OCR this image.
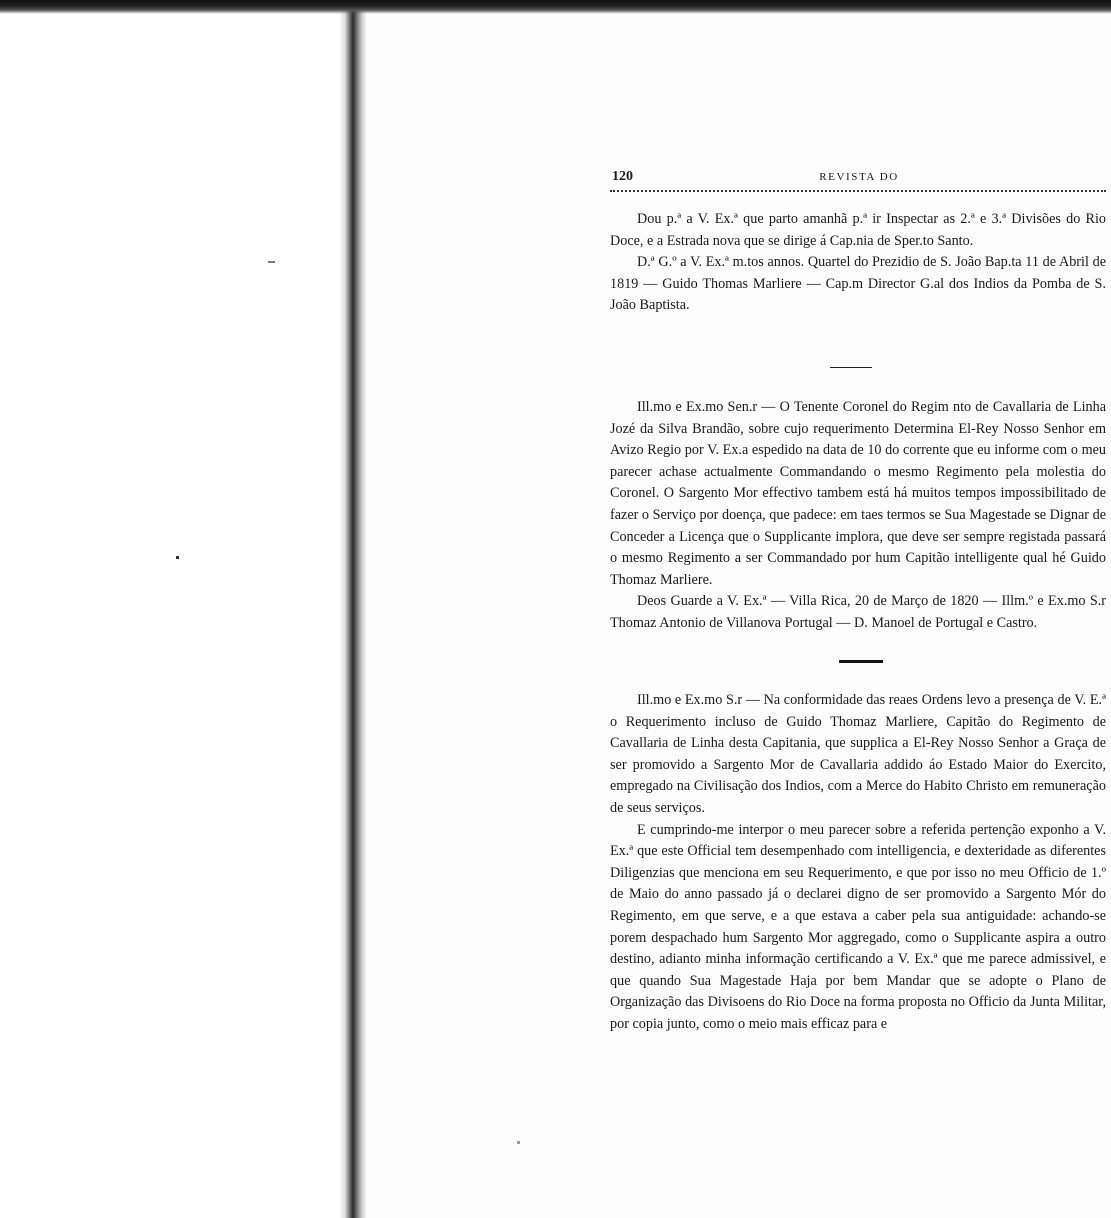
120	REVISTA DO

Dou p.ª a V. Ex.ª que parto amanhã p.ª ir Inspectar as 2.ª e 3.ª Divisões do Rio Doce, e a Estrada nova que se dirige á Cap.nia de Sper.to Santo.

D.ª G.º a V. Ex.ª m.tos annos. Quartel do Prezidio de S. João Bap.ta 11 de Abril de 1819 — Guido Thomas Marliere — Cap.m Director G.al dos Indios da Pomba de S. João Baptista.

Ill.mo e Ex.mo Sen.r — O Tenente Coronel do Regim nto de Cavallaria de Linha Jozé da Silva Brandão, sobre cujo requerimento Determina El-Rey Nosso Senhor em Avizo Regio por V. Ex.a espedido na data de 10 do corrente que eu informe com o meu parecer achase actualmente Commandando o mesmo Regimento pela molestia do Coronel. O Sargento Mor effectivo tambem está há muitos tempos impossibilitado de fazer o Serviço por doença, que padece: em taes termos se Sua Magestade se Dignar de Conceder a Licença que o Supplicante implora, que deve ser sempre registada passará o mesmo Regimento a ser Commandado por hum Capitão intelligente qual hé Guido Thomaz Marliere.

Deos Guarde a V. Ex.ª — Villa Rica, 20 de Março de 1820 — Illm.º e Ex.mo S.r Thomaz Antonio de Villanova Portugal — D. Manoel de Portugal e Castro.

Ill.mo e Ex.mo S.r — Na conformidade das reaes Ordens levo a presença de V. E.ª o Requerimento incluso de Guido Thomaz Marliere, Capitão do Regimento de Cavallaria de Linha desta Capitania, que supplica a El-Rey Nosso Senhor a Graça de ser promovido a Sargento Mor de Cavallaria addido áo Estado Maior do Exercito, empregado na Civilisação dos Indios, com a Merce do Habito Christo em remuneração de seus serviços.

E cumprindo-me interpor o meu parecer sobre a referida pertenção exponho a V. Ex.ª que este Official tem desempenhado com intelligencia, e dexteridade as diferentes Diligenzias que menciona em seu Requerimento, e que por isso no meu Officio de 1.º de Maio do anno passado já o declarei digno de ser promovido a Sargento Mór do Regimento, em que serve, e a que estava a caber pela sua antiguidade: achando-se porem despachado hum Sargento Mor aggregado, como o Supplicante aspira a outro destino, adianto minha informação certificando a V. Ex.ª que me parece admissivel, e que quando Sua Magestade Haja por bem Mandar que se adopte o Plano de Organização das Divisoens do Rio Doce na forma proposta no Officio da Junta Militar, por copia junto, como o meio mais efficaz para e
